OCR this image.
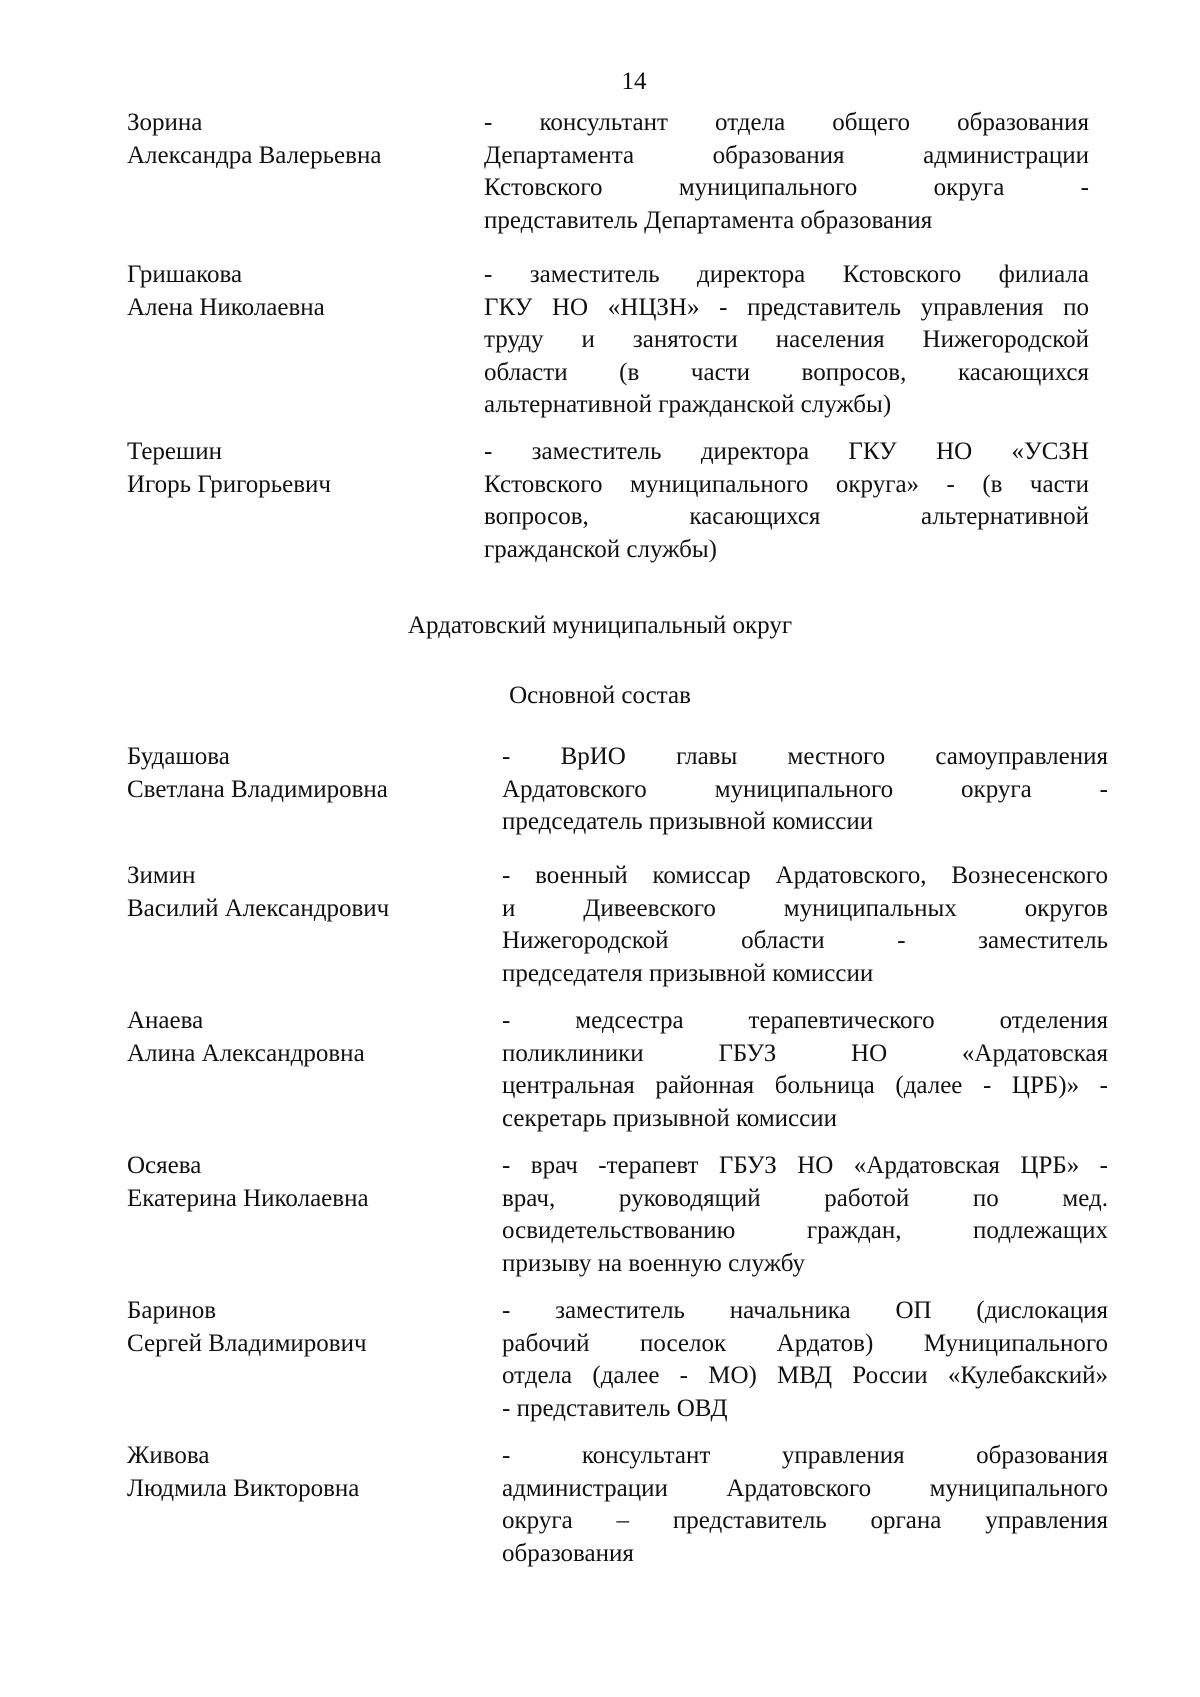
14
Зорина
Александра Валерьевна
- консультант отдела общего образования
Департамента образования администрации
Кстовского муниципального округа -
представитель Департамента образования
Гришакова
Алена Николаевна
- заместитель директора Кстовского филиала
ГКУ НО «НЦЗН» - представитель управления по
труду и занятости населения Нижегородской
области (в части вопросов, касающихся
альтернативной гражданской службы)
Терешин
Игорь Григорьевич
- заместитель директора ГКУ НО «УСЗН
Кстовского муниципального округа» - (в части
вопросов, касающихся альтернативной
гражданской службы)
Ардатовский муниципальный округ
Основной состав
Будашова
Светлана Владимировна
- ВрИО главы местного самоуправления
Ардатовского муниципального округа -
председатель призывной комиссии
Зимин
Василий Александрович
- военный комиссар Ардатовского, Вознесенского
и Дивеевского муниципальных округов
Нижегородской области - заместитель
председателя призывной комиссии
Анаева
Алина Александровна
- медсестра терапевтического отделения
поликлиники ГБУЗ НО «Ардатовская
центральная районная больница (далее - ЦРБ)» -
секретарь призывной комиссии
Осяева
Екатерина Николаевна
- врач -терапевт ГБУЗ НО «Ардатовская ЦРБ» -
врач, руководящий работой по мед.
освидетельствованию граждан, подлежащих
призыву на военную службу
Баринов
Сергей Владимирович
- заместитель начальника ОП (дислокация
рабочий поселок Ардатов) Муниципального
отдела (далее - МО) МВД России «Кулебакский»
- представитель ОВД
Живова
Людмила Викторовна
- консультант управления образования
администрации Ардатовского муниципального
округа – представитель органа управления
образования
